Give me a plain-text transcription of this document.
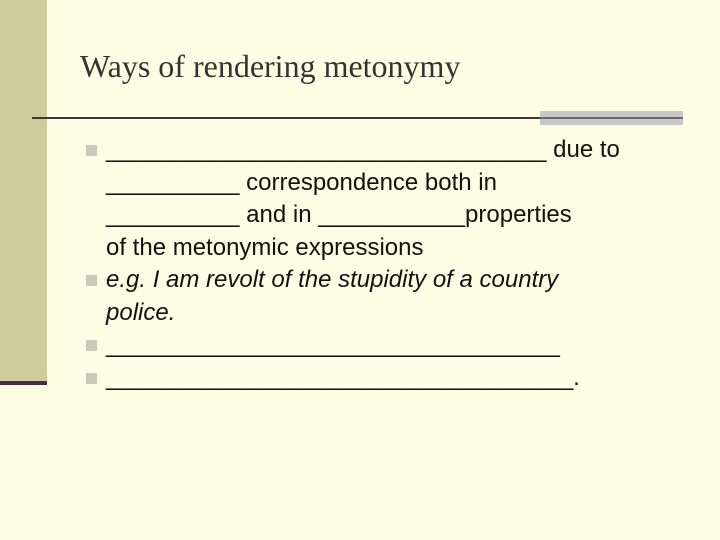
Ways of rendering metonymy
_________________________________ due to
__________ correspondence both in
__________ and in ___________properties
of the metonymic expressions
e.g. I am revolt of the stupidity of a country
police.
__________________________________
___________________________________.
